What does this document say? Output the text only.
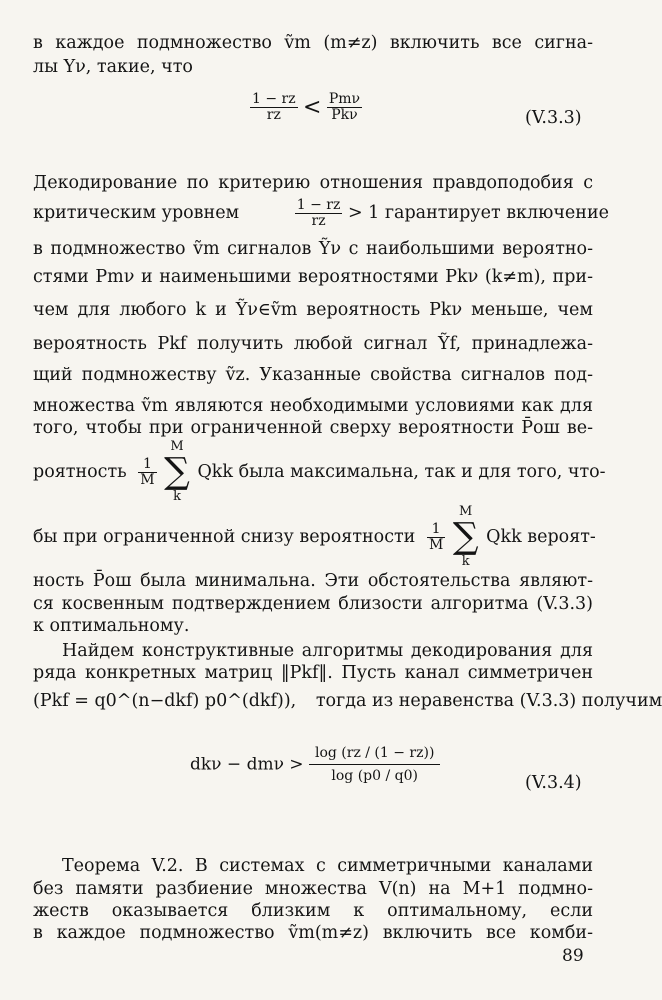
в каждое подмножество ṽm (m≠z) включить все сигна-
лы Yν, такие, что
$\frac{1 - rz}{rz} < \frac{\text{Pmν}}{\text{Pkν}}$	(V.3.3)
Декодирование по критерию отношения правдоподобия с
критическим уровнем	$\frac{1 - rz}{rz} > 1$ гарантирует включение
в подмножество ṽm сигналов Ỹν с наибольшими вероятно-
стями Pmν и наименьшими вероятностями Pkν (k≠m), при-
чем для любого k и Ỹν∈ṽm вероятность Pkν меньше, чем
вероятность Pkf получить любой сигнал Ỹf, принадлежа-
щий подмножеству ṽz. Указанные свойства сигналов под-
множества ṽm являются необходимыми условиями как для
того, чтобы при ограниченной сверху вероятности P̄ош ве-
роятность $\frac{1}{M}$

M
∑
k
Qkk была максимальна, так и для того, что-
бы при ограниченной снизу вероятности $\frac{1}{M}$

M
∑
k
Qkk вероят-
ность P̄ош была минимальна. Эти обстоятельства являют-
ся косвенным подтверждением близости алгоритма (V.3.3)
к оптимальному.
Найдем конструктивные алгоритмы декодирования для
ряда конкретных матриц ‖Pkf‖. Пусть канал симметричен
(Pkf = q0^(n−dkf) p0^(dkf)), тогда из неравенства (V.3.3) получим
$dk\nu - dm\nu > \frac{\log (rz / (1 - rz))}{\log (p0 / q0)}$	(V.3.4)
Теорема V.2. В системах с симметричными каналами
без памяти разбиение множества V(n) на M+1 подмно-
жеств оказывается близким к оптимальному, если
в каждое подмножество ṽm(m≠z) включить все комби-
89
